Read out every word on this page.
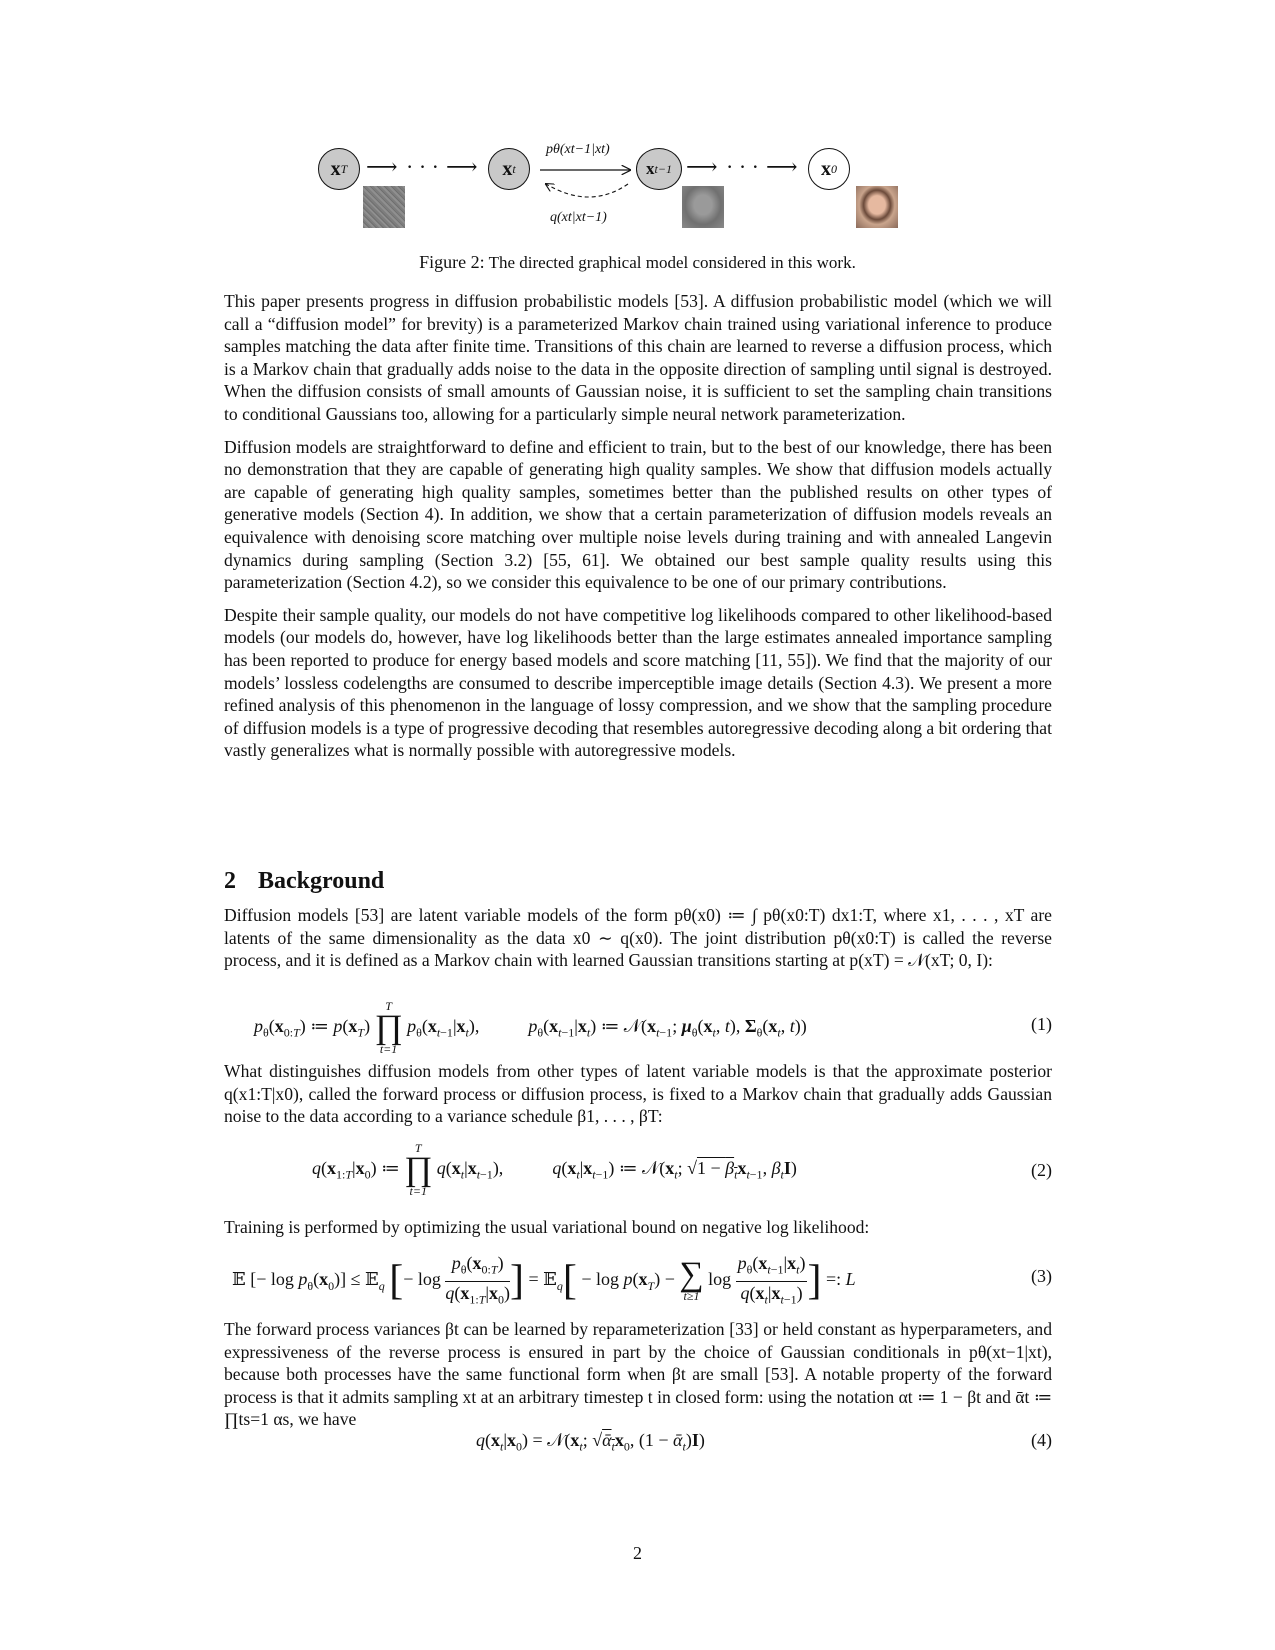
x T ⟶ · · · ⟶ x t
pθ(xt−1|xt)
q(xt|xt−1)
x t−1 ⟶ · · · ⟶ x 0
Figure 2: The directed graphical model considered in this work.

This paper presents progress in diffusion probabilistic models [53]. A diffusion probabilistic model (which we will call a “diffusion model” for brevity) is a parameterized Markov chain trained using variational inference to produce samples matching the data after finite time. Transitions of this chain are learned to reverse a diffusion process, which is a Markov chain that gradually adds noise to the data in the opposite direction of sampling until signal is destroyed. When the diffusion consists of small amounts of Gaussian noise, it is sufficient to set the sampling chain transitions to conditional Gaussians too, allowing for a particularly simple neural network parameterization.

Diffusion models are straightforward to define and efficient to train, but to the best of our knowledge, there has been no demonstration that they are capable of generating high quality samples. We show that diffusion models actually are capable of generating high quality samples, sometimes better than the published results on other types of generative models (Section 4). In addition, we show that a certain parameterization of diffusion models reveals an equivalence with denoising score matching over multiple noise levels during training and with annealed Langevin dynamics during sampling (Section 3.2) [55, 61]. We obtained our best sample quality results using this parameterization (Section 4.2), so we consider this equivalence to be one of our primary contributions.

Despite their sample quality, our models do not have competitive log likelihoods compared to other likelihood-based models (our models do, however, have log likelihoods better than the large estimates annealed importance sampling has been reported to produce for energy based models and score matching [11, 55]). We find that the majority of our models’ lossless codelengths are consumed to describe imperceptible image details (Section 4.3). We present a more refined analysis of this phenomenon in the language of lossy compression, and we show that the sampling procedure of diffusion models is a type of progressive decoding that resembles autoregressive decoding along a bit ordering that vastly generalizes what is normally possible with autoregressive models.

2 Background
Diffusion models [53] are latent variable models of the form pθ(x0) ≔ ∫ pθ(x0:T) dx1:T, where x1, . . . , xT are latents of the same dimensionality as the data x0 ∼ q(x0). The joint distribution pθ(x0:T) is called the reverse process, and it is defined as a Markov chain with learned Gaussian transitions starting at p(xT) = 𝒩(xT; 0, I):
$p_\theta(x_{0:T})$ ≔ $p(x_T)$
T
∏
t=1
$p_\theta(x_{t-1}|x_t)$,  $p_\theta(x_{t-1}|x_t)$ ≔ $𝒩(x_{t-1}$; $\mu_\theta(x_t$, t), $\Sigma_\theta(x_t$, t))	(1)
What distinguishes diffusion models from other types of latent variable models is that the approximate posterior q(x1:T|x0), called the forward process or diffusion process, is fixed to a Markov chain that gradually adds Gaussian noise to the data according to a variance schedule β1, . . . , βT:
$q(x_{1:T}|x_0)$ ≔
T
∏
t=1
$q(x_t|x_{t-1})$,  $q(x_t|x_{t-1})$ ≔ $𝒩(x_t$; $√1 - \beta_tx_{t-1}$, $\beta_tI$)	(2)
Training is performed by optimizing the usual variational bound on negative log likelihood:
𝔼 [− $\log p_\theta(x_0)$] ≤ 𝔼$_q$ [− $\log \frac{p_\theta(x_{0:T})}{q(x_{1:T}|x_0)}$ ] = 𝔼$_q$[ − $\log p(x_T)$ − ∑
t≥1
$\log \frac{p_\theta(x_{t-1}|x_t)}{q(x_t|x_{t-1})}$ ] =: L	(3)
The forward process variances βt can be learned by reparameterization [33] or held constant as hyperparameters, and expressiveness of the reverse process is ensured in part by the choice of Gaussian conditionals in pθ(xt−1|xt), because both processes have the same functional form when βt are small [53]. A notable property of the forward process is that it admits sampling xt at an arbitrary timestep t in closed form: using the notation αt ≔ 1 − βt and ᾱt ≔ ∏ts=1 αs, we have
$q(x_t|x_0)$ = $𝒩(x_t$; $√ᾱ_tx_0$, (1 − ᾱ$_t$)I)	(4)
2
